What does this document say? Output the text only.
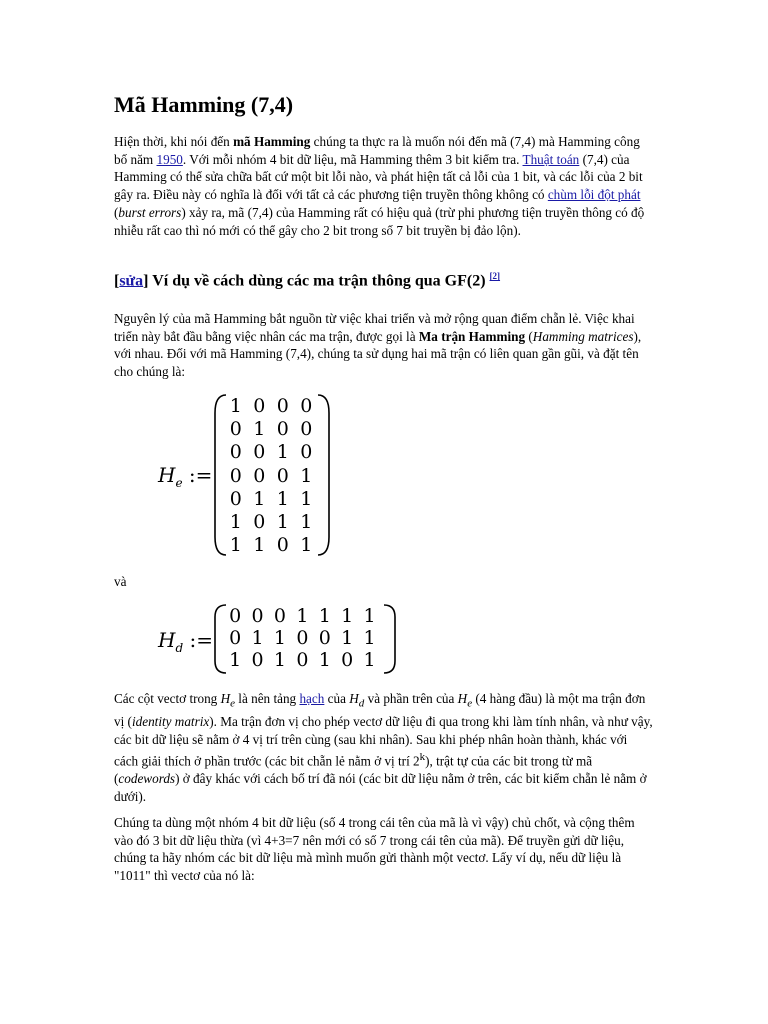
Mã Hamming (7,4)

Hiện thời, khi nói đến mã Hamming chúng ta thực ra là muốn nói đến mã (7,4) mà Hamming công bố năm 1950. Với mỗi nhóm 4 bit dữ liệu, mã Hamming thêm 3 bit kiểm tra. Thuật toán (7,4) của Hamming có thể sửa chữa bất cứ một bit lỗi nào, và phát hiện tất cả lỗi của 1 bit, và các lỗi của 2 bit gây ra. Điều này có nghĩa là đối với tất cả các phương tiện truyền thông không có chùm lỗi đột phát (burst errors) xảy ra, mã (7,4) của Hamming rất có hiệu quả (trừ phi phương tiện truyền thông có độ nhiễu rất cao thì nó mới có thể gây cho 2 bit trong số 7 bit truyền bị đảo lộn).

[sửa] Ví dụ về cách dùng các ma trận thông qua GF(2) [2]

Nguyên lý của mã Hamming bắt nguồn từ việc khai triển và mở rộng quan điểm chẵn lẻ. Việc khai triển này bắt đầu bằng việc nhân các ma trận, được gọi là Ma trận Hamming (Hamming matrices), với nhau. Đối với mã Hamming (7,4), chúng ta sử dụng hai mã trận có liên quan gần gũi, và đặt tên cho chúng là:

$H_e$ :=
1 0 0 0
0 1 0 0
0 0 1 0
0 0 0 1
0 1 1 1
1 0 1 1
1 1 0 1

và

$H_d$ :=
0 0 0 1 1 1 1
0 1 1 0 0 1 1
1 0 1 0 1 0 1

Các cột vectơ trong $H_e$ là nên tảng hạch của $H_d$ và phần trên của $H_e$ (4 hàng đầu) là một ma trận đơn vị (identity matrix). Ma trận đơn vị cho phép vectơ dữ liệu đi qua trong khi làm tính nhân, và như vậy, các bit dữ liệu sẽ nằm ở 4 vị trí trên cùng (sau khi nhân). Sau khi phép nhân hoàn thành, khác với cách giải thích ở phần trước (các bit chẵn lẻ nằm ở vị trí 2$^k$), trật tự của các bit trong từ mã (codewords) ở đây khác với cách bố trí đã nói (các bit dữ liệu nằm ở trên, các bit kiểm chẵn lẻ nằm ở dưới).

Chúng ta dùng một nhóm 4 bit dữ liệu (số 4 trong cái tên của mã là vì vậy) chủ chốt, và cộng thêm vào đó 3 bit dữ liệu thừa (vì 4+3=7 nên mới có số 7 trong cái tên của mã). Để truyền gửi dữ liệu, chúng ta hãy nhóm các bit dữ liệu mà mình muốn gửi thành một vectơ. Lấy ví dụ, nếu dữ liệu là "1011" thì vectơ của nó là:
